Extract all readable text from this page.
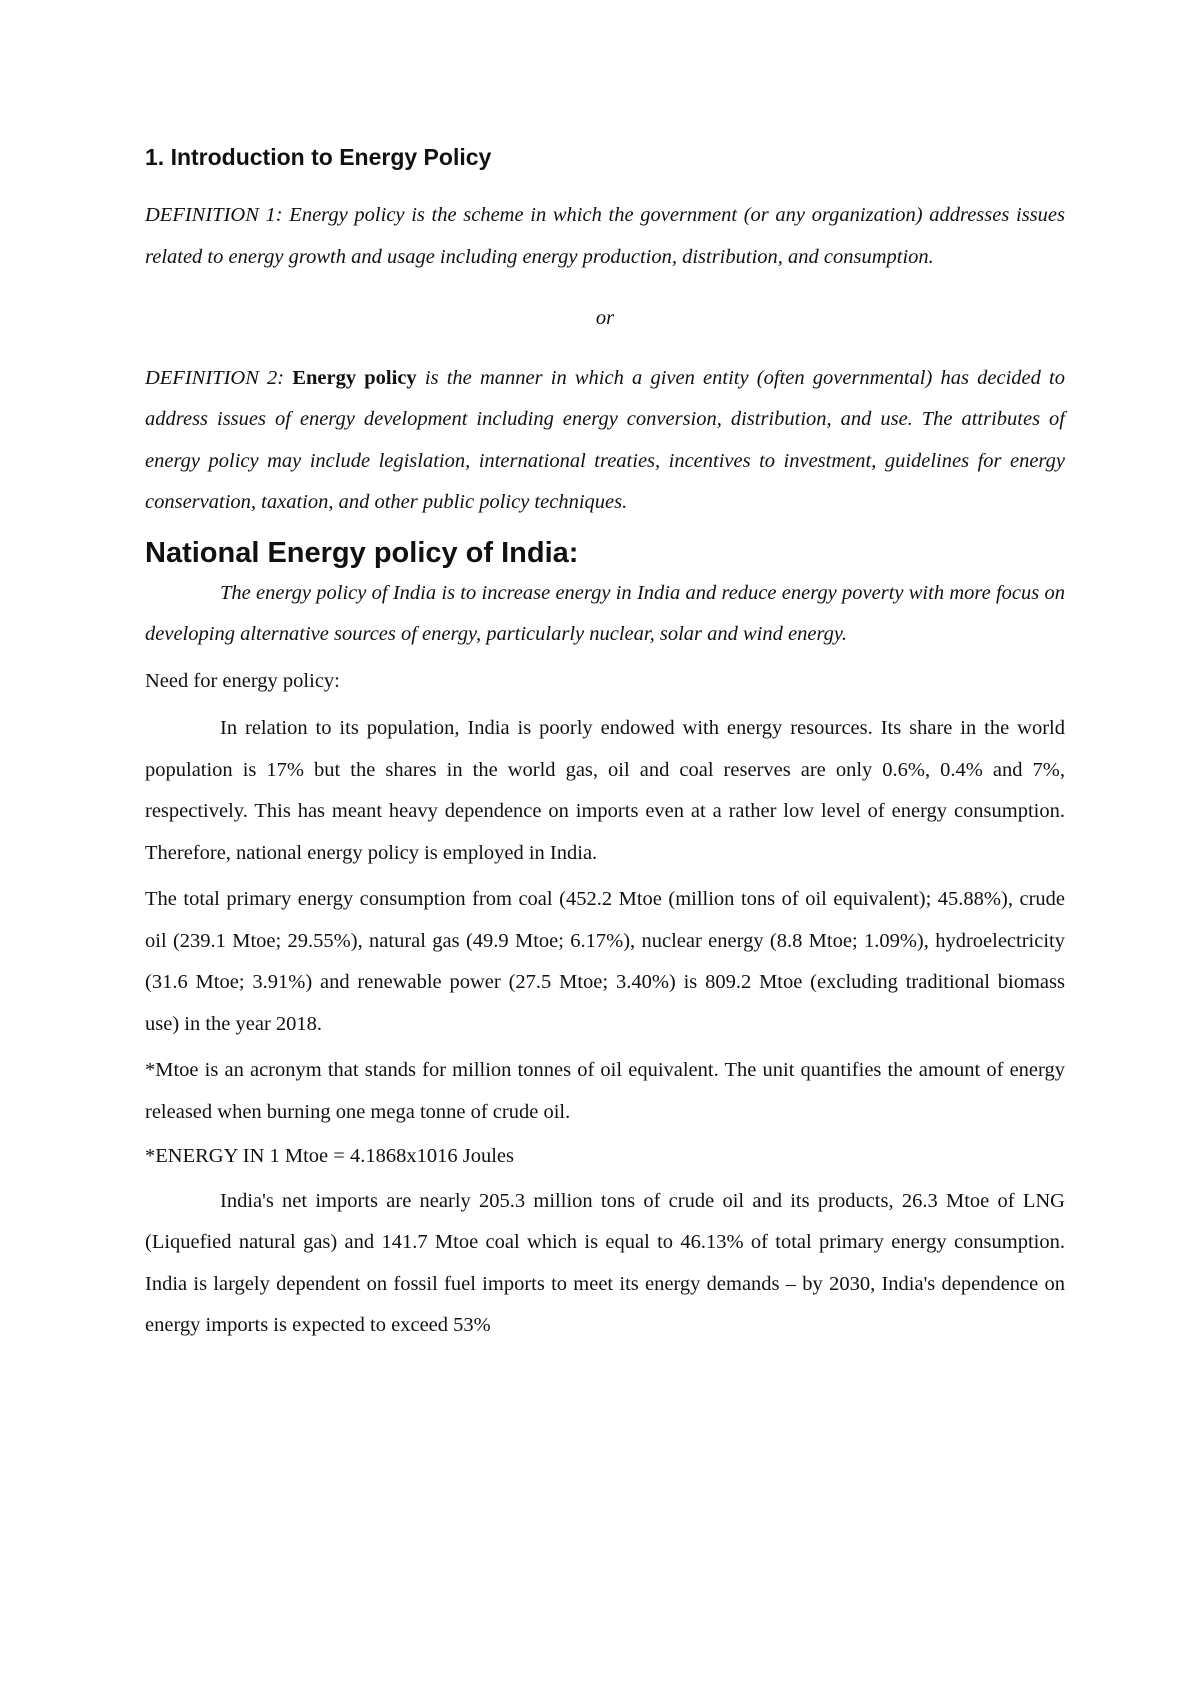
1. Introduction to Energy Policy

DEFINITION 1: Energy policy is the scheme in which the government (or any organization) addresses issues related to energy growth and usage including energy production, distribution, and consumption.

or

DEFINITION 2: Energy policy is the manner in which a given entity (often governmental) has decided to address issues of energy development including energy conversion, distribution, and use. The attributes of energy policy may include legislation, international treaties, incentives to investment, guidelines for energy conservation, taxation, and other public policy techniques.

National Energy policy of India:

The energy policy of India is to increase energy in India and reduce energy poverty with more focus on developing alternative sources of energy, particularly nuclear, solar and wind energy.

Need for energy policy:

In relation to its population, India is poorly endowed with energy resources. Its share in the world population is 17% but the shares in the world gas, oil and coal reserves are only 0.6%, 0.4% and 7%, respectively. This has meant heavy dependence on imports even at a rather low level of energy consumption. Therefore, national energy policy is employed in India.

The total primary energy consumption from coal (452.2 Mtoe (million tons of oil equivalent); 45.88%), crude oil (239.1 Mtoe; 29.55%), natural gas (49.9 Mtoe; 6.17%), nuclear energy (8.8 Mtoe; 1.09%), hydroelectricity (31.6 Mtoe; 3.91%) and renewable power (27.5 Mtoe; 3.40%) is 809.2 Mtoe (excluding traditional biomass use) in the year 2018.

*Mtoe is an acronym that stands for million tonnes of oil equivalent. The unit quantifies the amount of energy released when burning one mega tonne of crude oil.

*ENERGY IN 1 Mtoe = 4.1868x1016 Joules

India's net imports are nearly 205.3 million tons of crude oil and its products, 26.3 Mtoe of LNG (Liquefied natural gas) and 141.7 Mtoe coal which is equal to 46.13% of total primary energy consumption. India is largely dependent on fossil fuel imports to meet its energy demands – by 2030, India's dependence on energy imports is expected to exceed 53%
